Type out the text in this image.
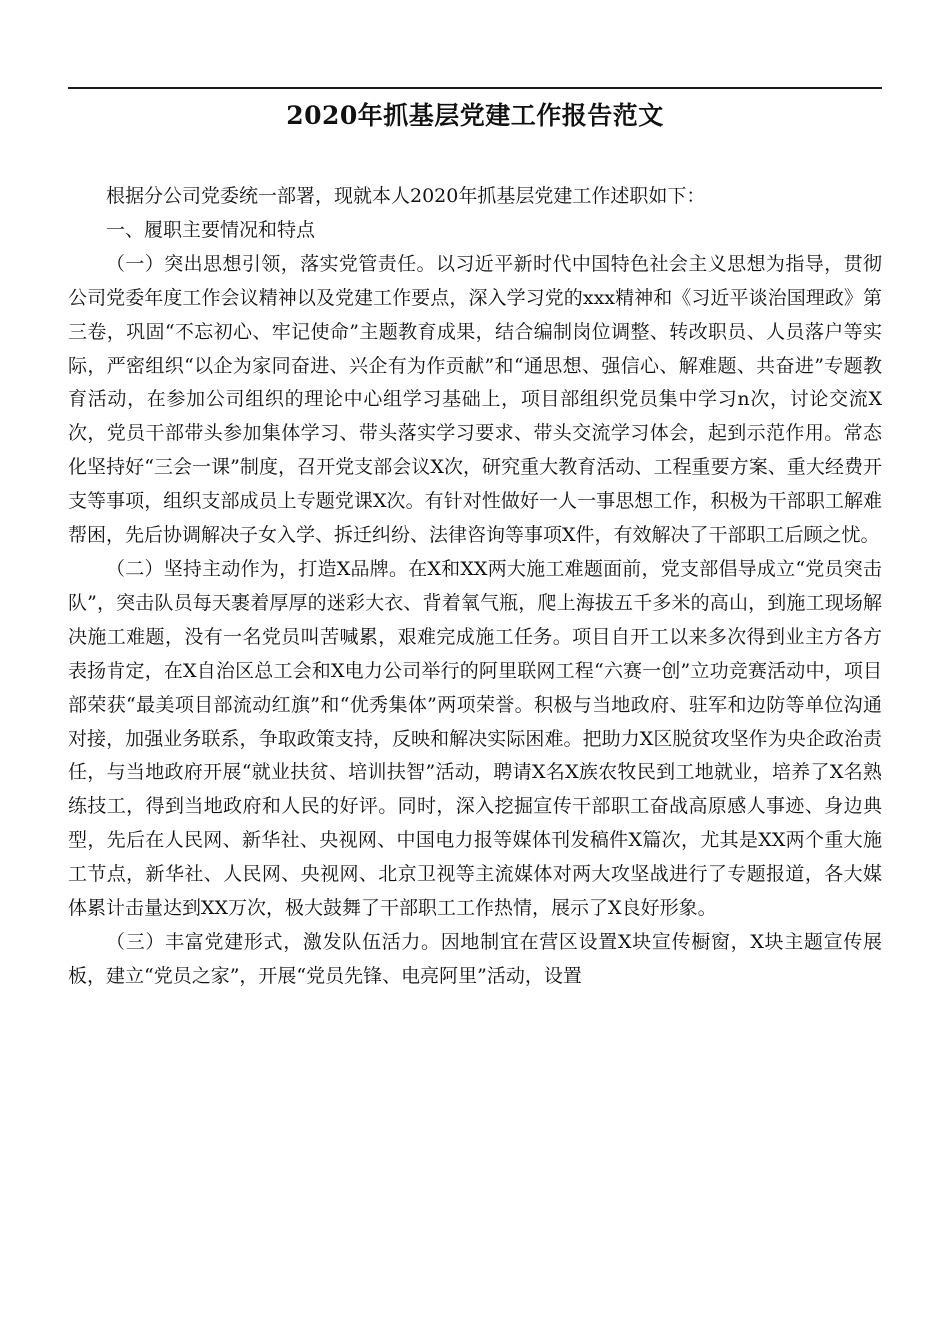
2020年抓基层党建工作报告范文

根据分公司党委统一部署，现就本人2020年抓基层党建工作述职如下：

一、履职主要情况和特点

（一）突出思想引领，落实党管责任。以习近平新时代中国特色社会主义思想为指导，贯彻公司党委年度工作会议精神以及党建工作要点，深入学习党的xxx精神和《习近平谈治国理政》第三卷，巩固“不忘初心、牢记使命”主题教育成果，结合编制岗位调整、转改职员、人员落户等实际，严密组织“以企为家同奋进、兴企有为作贡献”和“通思想、强信心、解难题、共奋进”专题教育活动，在参加公司组织的理论中心组学习基础上，项目部组织党员集中学习n次，讨论交流X次，党员干部带头参加集体学习、带头落实学习要求、带头交流学习体会，起到示范作用。常态化坚持好“三会一课”制度，召开党支部会议X次，研究重大教育活动、工程重要方案、重大经费开支等事项，组织支部成员上专题党课X次。有针对性做好一人一事思想工作，积极为干部职工解难帮困，先后协调解决子女入学、拆迁纠纷、法律咨询等事项X件，有效解决了干部职工后顾之忧。

（二）坚持主动作为，打造X品牌。在X和XX两大施工难题面前，党支部倡导成立“党员突击队”，突击队员每天裹着厚厚的迷彩大衣、背着氧气瓶，爬上海拔五千多米的高山，到施工现场解决施工难题，没有一名党员叫苦喊累，艰难完成施工任务。项目自开工以来多次得到业主方各方表扬肯定，在X自治区总工会和X电力公司举行的阿里联网工程“六赛一创”立功竞赛活动中，项目部荣获“最美项目部流动红旗”和“优秀集体”两项荣誉。积极与当地政府、驻军和边防等单位沟通对接，加强业务联系，争取政策支持，反映和解决实际困难。把助力X区脱贫攻坚作为央企政治责任，与当地政府开展“就业扶贫、培训扶智”活动，聘请X名X族农牧民到工地就业，培养了X名熟练技工，得到当地政府和人民的好评。同时，深入挖掘宣传干部职工奋战高原感人事迹、身边典型，先后在人民网、新华社、央视网、中国电力报等媒体刊发稿件X篇次，尤其是XX两个重大施工节点，新华社、人民网、央视网、北京卫视等主流媒体对两大攻坚战进行了专题报道，各大媒体累计击量达到XX万次，极大鼓舞了干部职工工作热情，展示了X良好形象。

（三）丰富党建形式，激发队伍活力。因地制宜在营区设置X块宣传橱窗，X块主题宣传展板，建立“党员之家”，开展“党员先锋、电亮阿里”活动，设置
